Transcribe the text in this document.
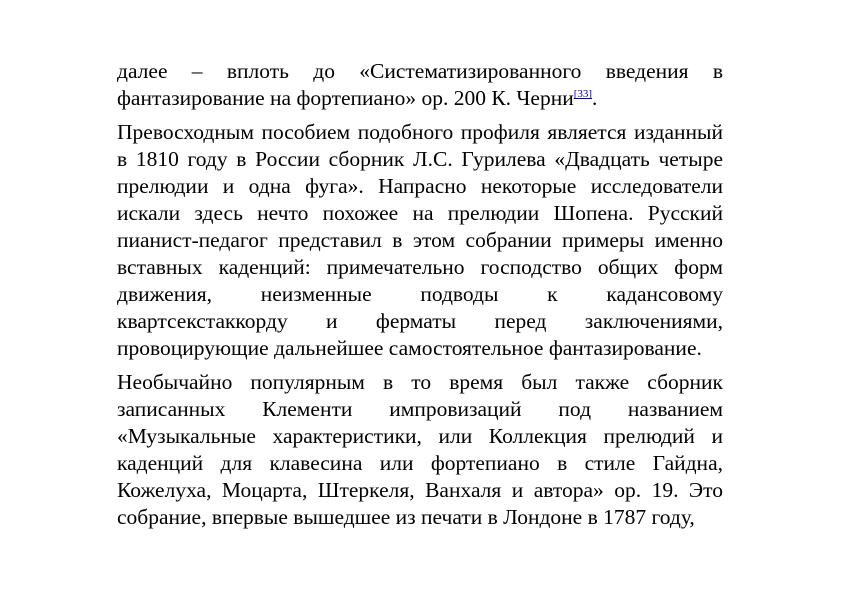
далее – вплоть до «Систематизированного введения в фантазирование на фортепиано» ор. 200 К. Черни[33].

Превосходным пособием подобного профиля является изданный в 1810 году в России сборник Л.С. Гурилева «Двадцать четыре прелюдии и одна фуга». Напрасно некоторые исследователи искали здесь нечто похожее на прелюдии Шопена. Русский пианист-педагог представил в этом собрании примеры именно вставных каденций: примечательно господство общих форм движения, неизменные подводы к кадансовому квартсекстаккорду и ферматы перед заключениями, провоцирующие дальнейшее самостоятельное фантазирование.

Необычайно популярным в то время был также сборник записанных Клементи импровизаций под названием «Музыкальные характеристики, или Коллекция прелюдий и каденций для клавесина или фортепиано в стиле Гайдна, Кожелуха, Моцарта, Штеркеля, Ванхаля и автора» ор. 19. Это собрание, впервые вышедшее из печати в Лондоне в 1787 году,
